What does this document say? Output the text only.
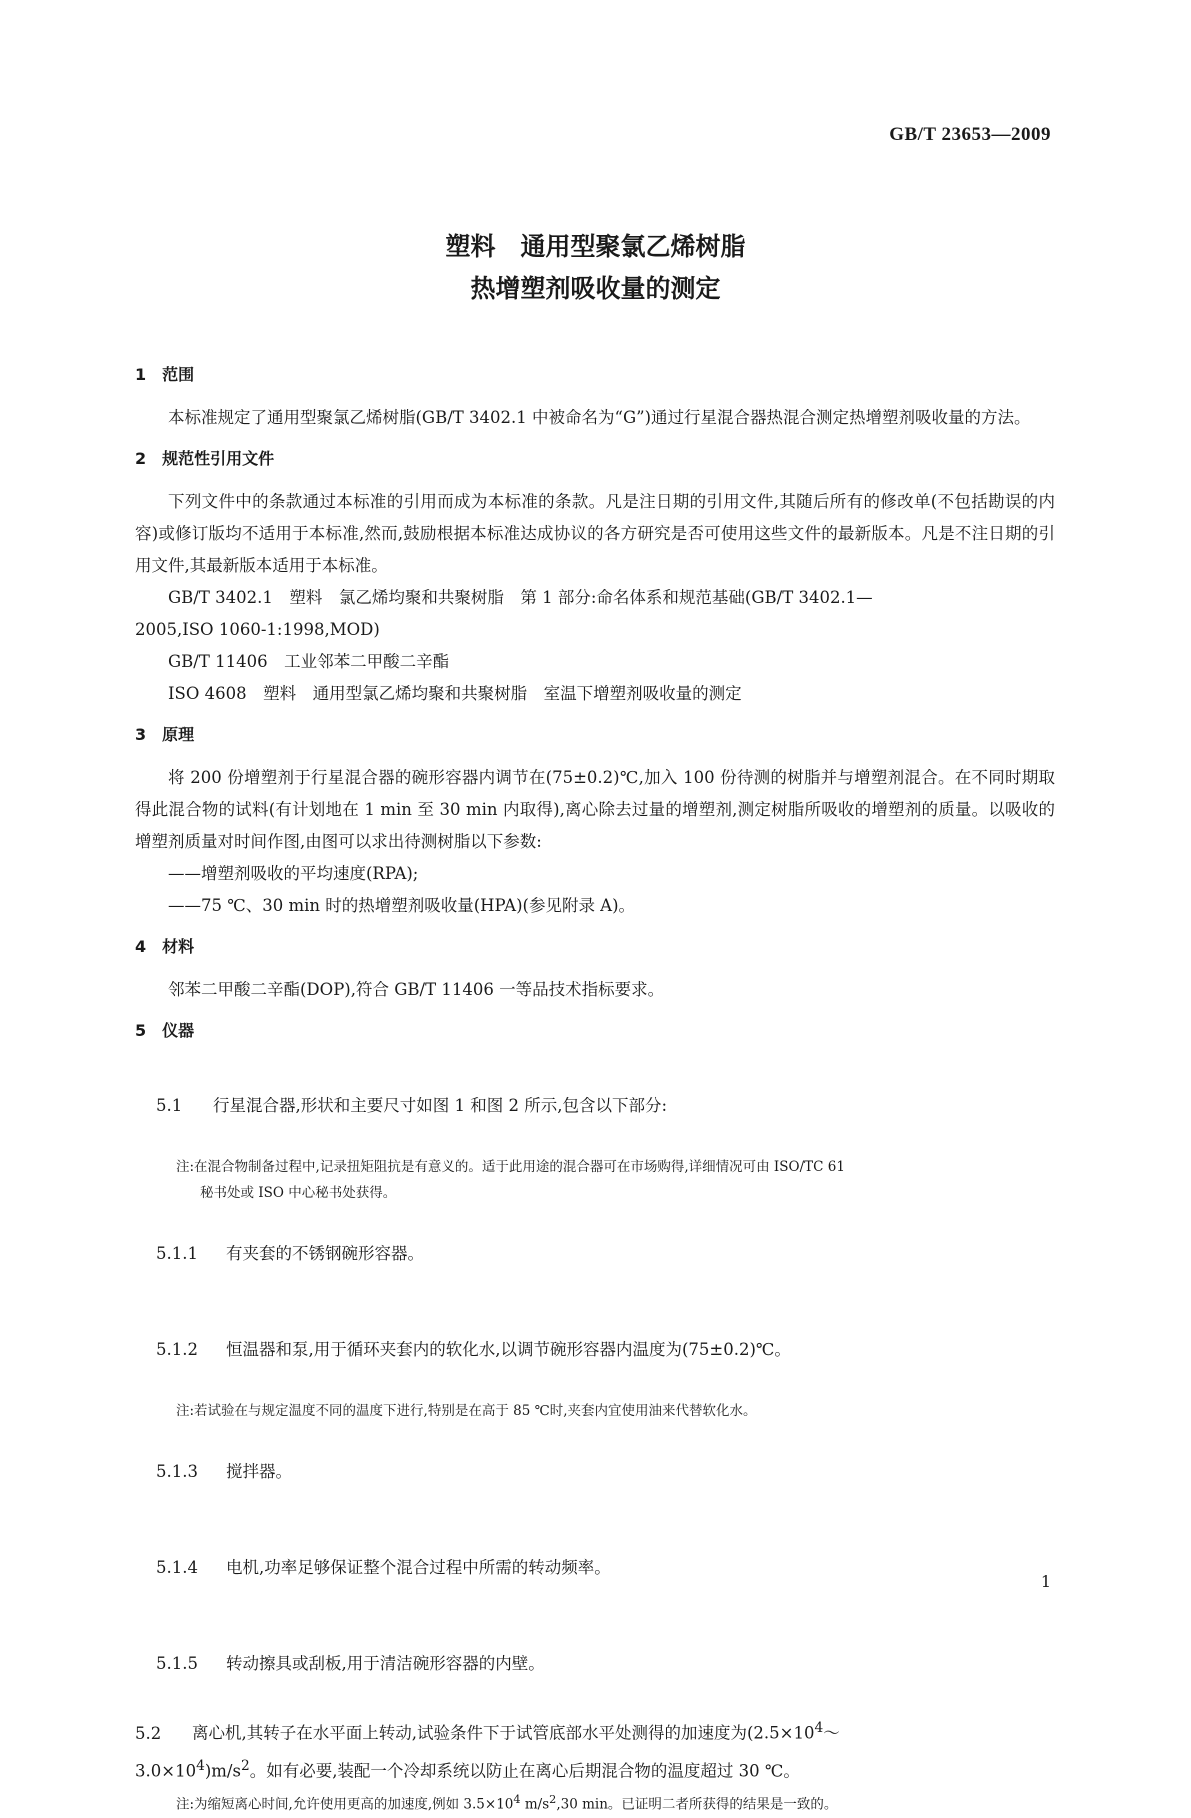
GB/T 23653—2009
塑料　通用型聚氯乙烯树脂
热增塑剂吸收量的测定
1　范围

本标准规定了通用型聚氯乙烯树脂(GB/T 3402.1 中被命名为“G”)通过行星混合器热混合测定热增塑剂吸收量的方法。

2　规范性引用文件

下列文件中的条款通过本标准的引用而成为本标准的条款。凡是注日期的引用文件,其随后所有的修改单(不包括勘误的内容)或修订版均不适用于本标准,然而,鼓励根据本标准达成协议的各方研究是否可使用这些文件的最新版本。凡是不注日期的引用文件,其最新版本适用于本标准。

GB/T 3402.1　塑料　氯乙烯均聚和共聚树脂　第 1 部分:命名体系和规范基础(GB/T 3402.1—
2005,ISO 1060-1:1998,MOD)
GB/T 11406　工业邻苯二甲酸二辛酯
ISO 4608　塑料　通用型氯乙烯均聚和共聚树脂　室温下增塑剂吸收量的测定
3　原理

将 200 份增塑剂于行星混合器的碗形容器内调节在(75±0.2)℃,加入 100 份待测的树脂并与增塑剂混合。在不同时期取得此混合物的试料(有计划地在 1 min 至 30 min 内取得),离心除去过量的增塑剂,测定树脂所吸收的增塑剂的质量。以吸收的增塑剂质量对时间作图,由图可以求出待测树脂以下参数:

——增塑剂吸收的平均速度(RPA);
——75 ℃、30 min 时的热增塑剂吸收量(HPA)(参见附录 A)。
4　材料

邻苯二甲酸二辛酯(DOP),符合 GB/T 11406 一等品技术指标要求。

5　仪器

5.1 行星混合器,形状和主要尺寸如图 1 和图 2 所示,包含以下部分:

注:在混合物制备过程中,记录扭矩阻抗是有意义的。适于此用途的混合器可在市场购得,详细情况可由 ISO/TC 61
秘书处或 ISO 中心秘书处获得。

5.1.1 有夹套的不锈钢碗形容器。

5.1.2 恒温器和泵,用于循环夹套内的软化水,以调节碗形容器内温度为(75±0.2)℃。

注:若试验在与规定温度不同的温度下进行,特别是在高于 85 ℃时,夹套内宜使用油来代替软化水。

5.1.3 搅拌器。

5.1.4 电机,功率足够保证整个混合过程中所需的转动频率。

5.1.5 转动擦具或刮板,用于清洁碗形容器的内壁。

5.2 离心机,其转子在水平面上转动,试验条件下于试管底部水平处测得的加速度为($2.5\times 10^4\sim$
$3.0\times 10^4)m/s^2$。如有必要,装配一个冷却系统以防止在离心后期混合物的温度超过 30 ℃。
注:为缩短离心时间,允许使用更高的加速度,例如 $3.5\times 10^4$ $m/s^2,30$ min。已证明二者所获得的结果是一致的。
1
